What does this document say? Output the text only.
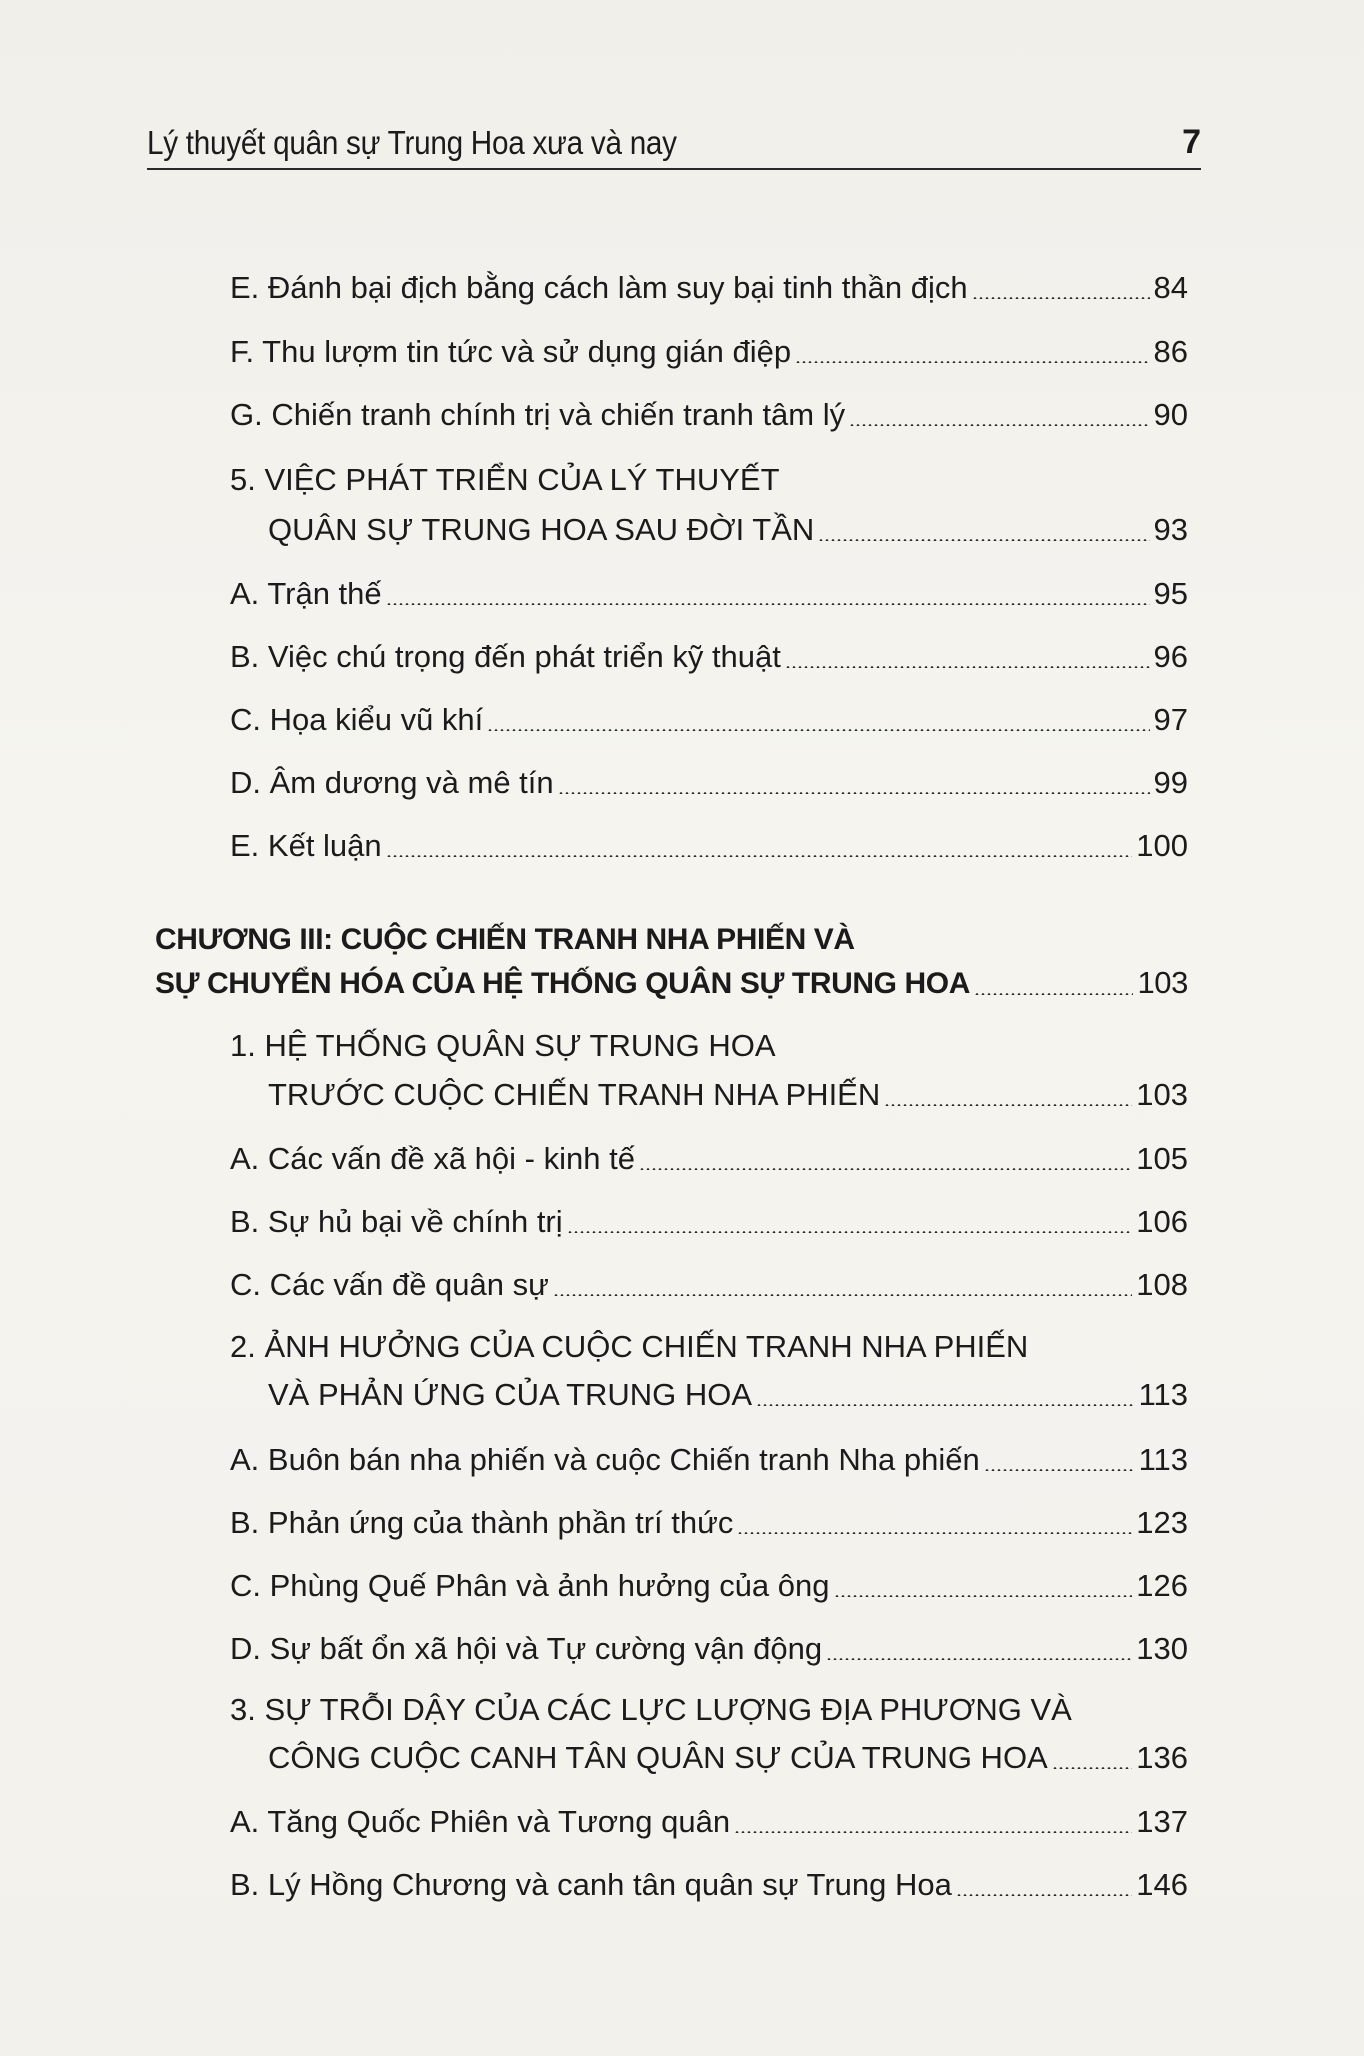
Lý thuyết quân sự Trung Hoa xưa và nay	7
E. Đánh bại địch bằng cách làm suy bại tinh thần địch	84
F. Thu lượm tin tức và sử dụng gián điệp	86
G. Chiến tranh chính trị và chiến tranh tâm lý	90
5. VIỆC PHÁT TRIỂN CỦA LÝ THUYẾT
QUÂN SỰ TRUNG HOA SAU ĐỜI TẦN	93
A. Trận thế	95
B. Việc chú trọng đến phát triển kỹ thuật	96
C. Họa kiểu vũ khí	97
D. Âm dương và mê tín	99
E. Kết luận	100
CHƯƠNG III: CUỘC CHIẾN TRANH NHA PHIẾN VÀ
SỰ CHUYỂN HÓA CỦA HỆ THỐNG QUÂN SỰ TRUNG HOA	103
1. HỆ THỐNG QUÂN SỰ TRUNG HOA
TRƯỚC CUỘC CHIẾN TRANH NHA PHIẾN	103
A. Các vấn đề xã hội - kinh tế	105
B. Sự hủ bại về chính trị	106
C. Các vấn đề quân sự	108
2. ẢNH HƯỞNG CỦA CUỘC CHIẾN TRANH NHA PHIẾN
VÀ PHẢN ỨNG CỦA TRUNG HOA	113
A. Buôn bán nha phiến và cuộc Chiến tranh Nha phiến	113
B. Phản ứng của thành phần trí thức	123
C. Phùng Quế Phân và ảnh hưởng của ông	126
D. Sự bất ổn xã hội và Tự cường vận động	130
3. SỰ TRỖI DẬY CỦA CÁC LỰC LƯỢNG ĐỊA PHƯƠNG VÀ
CÔNG CUỘC CANH TÂN QUÂN SỰ CỦA TRUNG HOA	136
A. Tăng Quốc Phiên và Tương quân	137
B. Lý Hồng Chương và canh tân quân sự Trung Hoa	146
